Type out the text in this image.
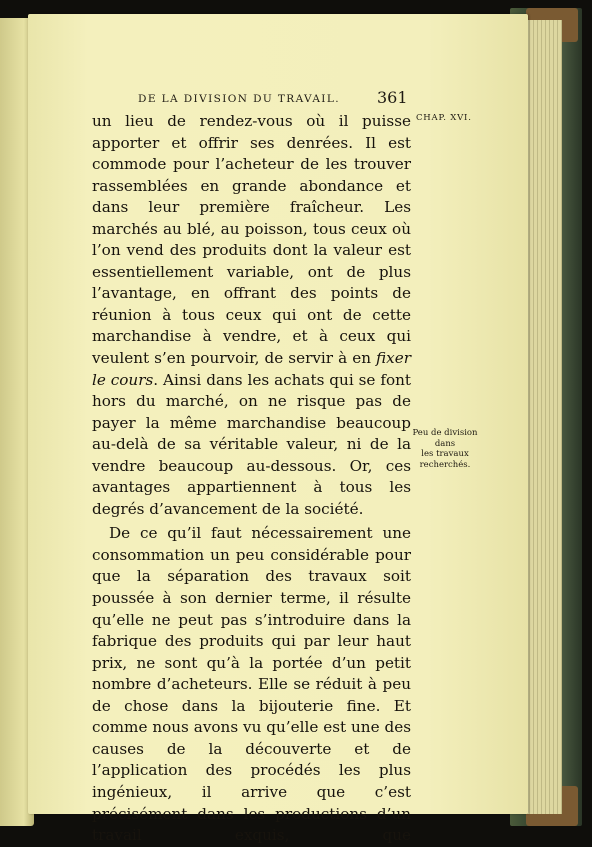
DE LA DIVISION DU TRAVAIL.	361

CHAP. XVI.

un lieu de rendez-vous où il puisse apporter et offrir ses denrées. Il est commode pour l’acheteur de les trouver rassemblées en grande abondance et dans leur première fraîcheur. Les marchés au blé, au poisson, tous ceux où l’on vend des produits dont la valeur est essentiellement variable, ont de plus l’avantage, en offrant des points de réunion à tous ceux qui ont de cette marchandise à vendre, et à ceux qui veulent s’en pourvoir, de servir à en fixer le cours. Ainsi dans les achats qui se font hors du marché, on ne risque pas de payer la même marchandise beaucoup au-delà de sa véritable valeur, ni de la vendre beaucoup au-dessous. Or, ces avantages appartiennent à tous les degrés d’avancement de la société.

De ce qu’il faut nécessairement une consommation un peu considérable pour que la séparation des travaux soit poussée à son dernier terme, il résulte qu’elle ne peut pas s’introduire dans la fabrique des produits qui par leur haut prix, ne sont qu’à la portée d’un petit nombre d’acheteurs. Elle se réduit à peu de chose dans la bijouterie fine. Et comme nous avons vu qu’elle est une des causes de la découverte et de l’application des procédés les plus ingénieux, il arrive que c’est précisément dans les productions d’un travail exquis, que

Peu de division
dans
les travaux
recherchés.
